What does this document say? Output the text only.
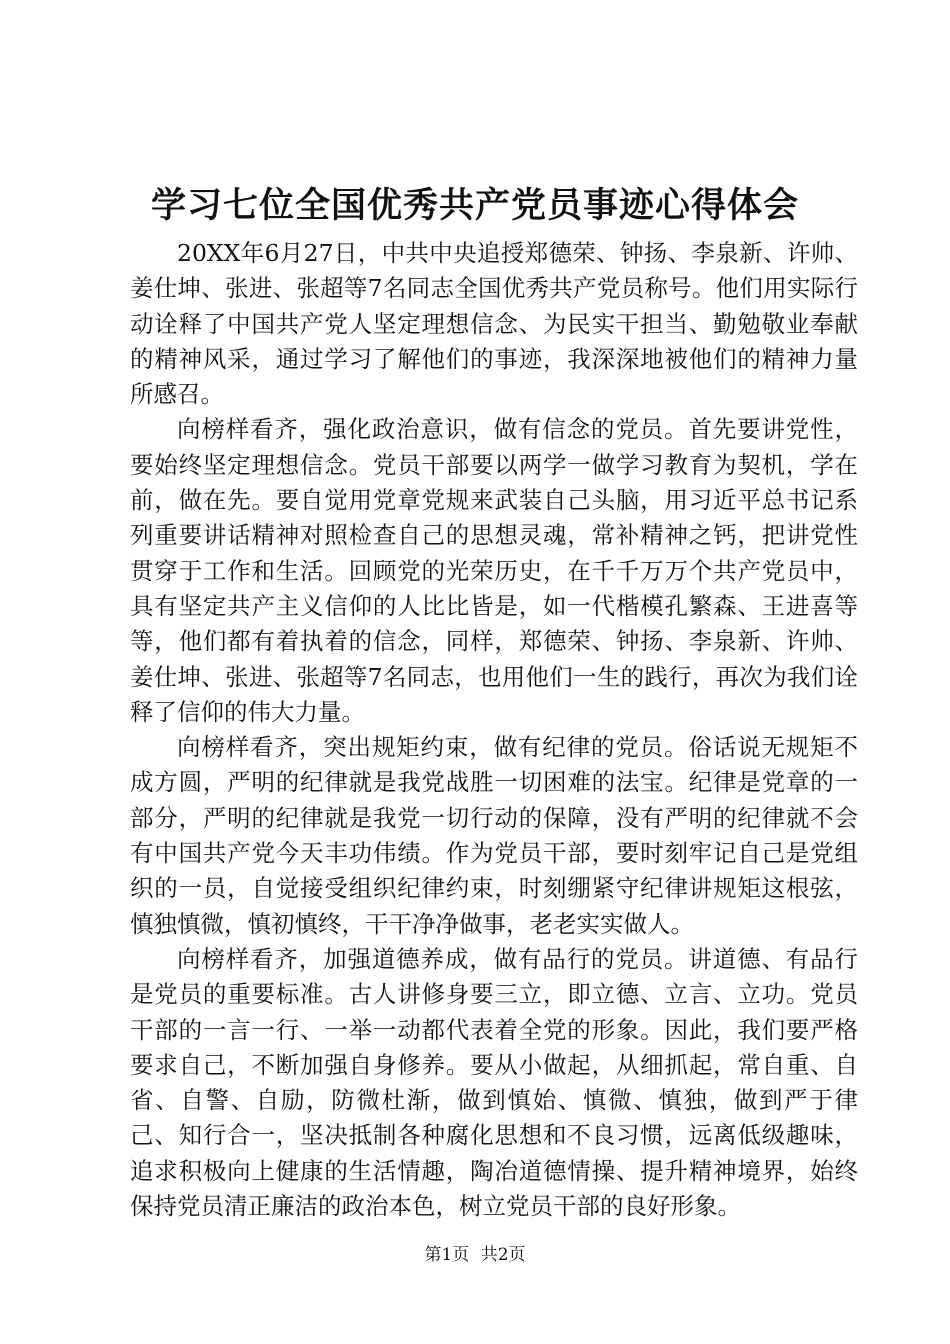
学习七位全国优秀共产党员事迹心得体会

20XX年6月27日，中共中央追授郑德荣、钟扬、李泉新、许帅、姜仕坤、张进、张超等7名同志全国优秀共产党员称号。他们用实际行动诠释了中国共产党人坚定理想信念、为民实干担当、勤勉敬业奉献的精神风采，通过学习了解他们的事迹，我深深地被他们的精神力量所感召。

向榜样看齐，强化政治意识，做有信念的党员。首先要讲党性，要始终坚定理想信念。党员干部要以两学一做学习教育为契机，学在前，做在先。要自觉用党章党规来武装自己头脑，用习近平总书记系列重要讲话精神对照检查自己的思想灵魂，常补精神之钙，把讲党性贯穿于工作和生活。回顾党的光荣历史，在千千万万个共产党员中，具有坚定共产主义信仰的人比比皆是，如一代楷模孔繁森、王进喜等等，他们都有着执着的信念，同样，郑德荣、钟扬、李泉新、许帅、姜仕坤、张进、张超等7名同志，也用他们一生的践行，再次为我们诠释了信仰的伟大力量。

向榜样看齐，突出规矩约束，做有纪律的党员。俗话说无规矩不成方圆，严明的纪律就是我党战胜一切困难的法宝。纪律是党章的一部分，严明的纪律就是我党一切行动的保障，没有严明的纪律就不会有中国共产党今天丰功伟绩。作为党员干部，要时刻牢记自己是党组织的一员，自觉接受组织纪律约束，时刻绷紧守纪律讲规矩这根弦，慎独慎微，慎初慎终，干干净净做事，老老实实做人。

向榜样看齐，加强道德养成，做有品行的党员。讲道德、有品行是党员的重要标准。古人讲修身要三立，即立德、立言、立功。党员干部的一言一行、一举一动都代表着全党的形象。因此，我们要严格要求自己，不断加强自身修养。要从小做起，从细抓起，常自重、自省、自警、自励，防微杜渐，做到慎始、慎微、慎独，做到严于律己、知行合一，坚决抵制各种腐化思想和不良习惯，远离低级趣味，追求积极向上健康的生活情趣，陶冶道德情操、提升精神境界，始终保持党员清正廉洁的政治本色，树立党员干部的良好形象。

第1页 共2页
